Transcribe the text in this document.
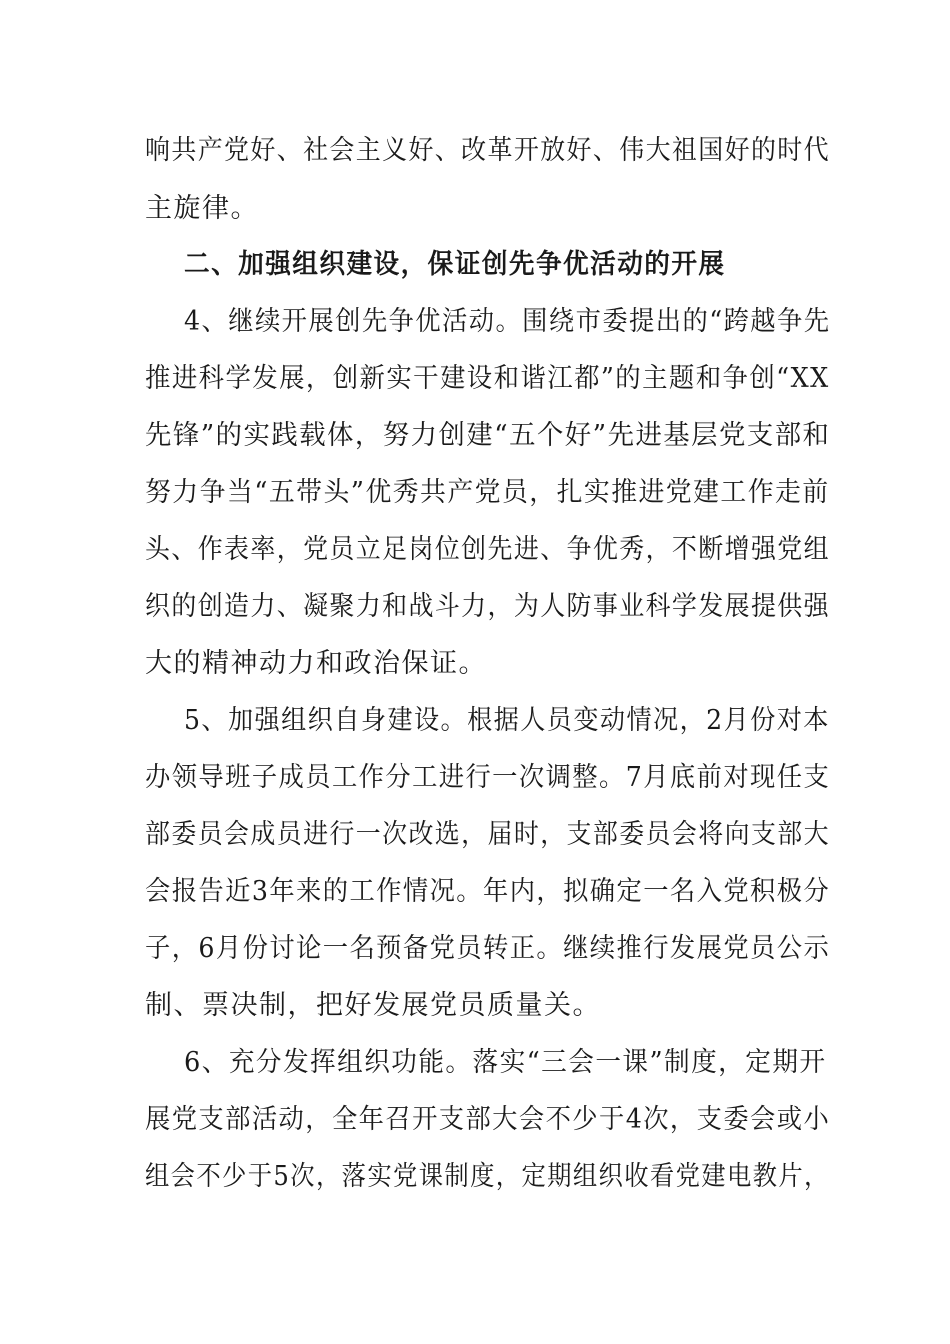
响共产党好、社会主义好、改革开放好、伟大祖国好的时代
主旋律。
二、加强组织建设，保证创先争优活动的开展
4、继续开展创先争优活动。围绕市委提出的“跨越争先
推进科学发展，创新实干建设和谐江都”的主题和争创“XX
先锋”的实践载体，努力创建“五个好”先进基层党支部和
努力争当“五带头”优秀共产党员，扎实推进党建工作走前
头、作表率，党员立足岗位创先进、争优秀，不断增强党组
织的创造力、凝聚力和战斗力，为人防事业科学发展提供强
大的精神动力和政治保证。
5、加强组织自身建设。根据人员变动情况，2月份对本
办领导班子成员工作分工进行一次调整。7月底前对现任支
部委员会成员进行一次改选，届时，支部委员会将向支部大
会报告近3年来的工作情况。年内，拟确定一名入党积极分
子，6月份讨论一名预备党员转正。继续推行发展党员公示
制、票决制，把好发展党员质量关。
6、充分发挥组织功能。落实“三会一课”制度，定期开
展党支部活动，全年召开支部大会不少于4次，支委会或小
组会不少于5次，落实党课制度，定期组织收看党建电教片，
